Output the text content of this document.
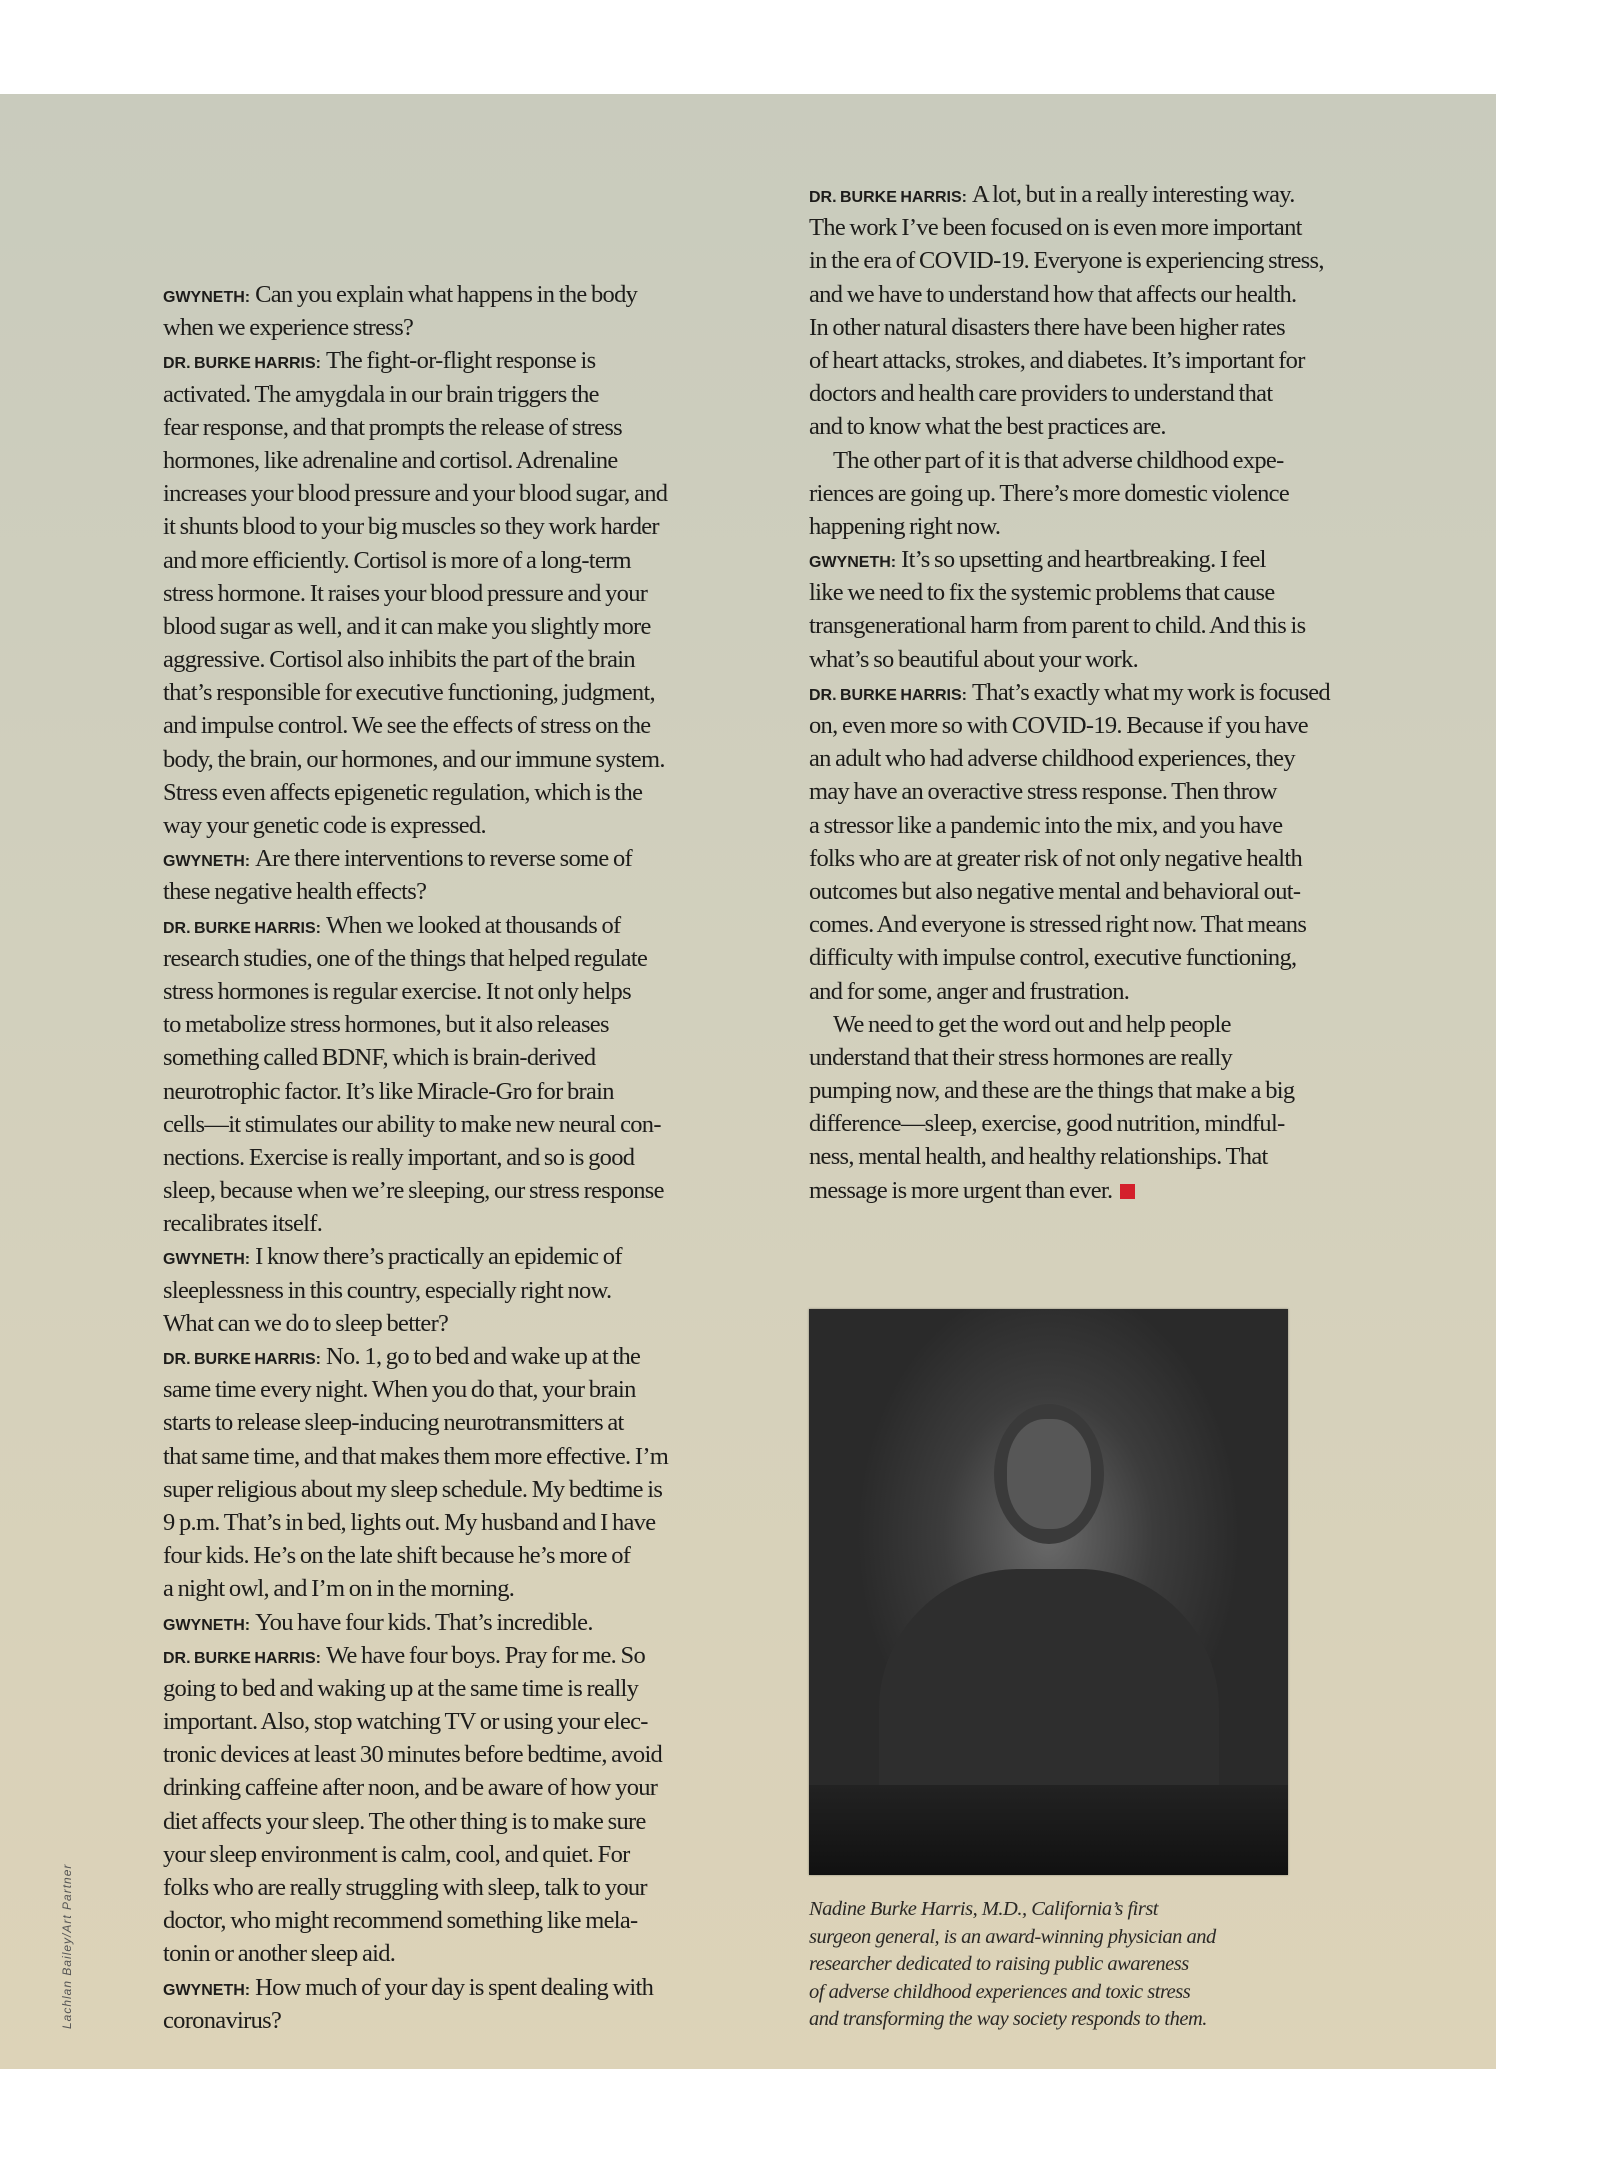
GWYNETH: Can you explain what happens in the body
when we experience stress?
DR. BURKE HARRIS: The fight-or-flight response is
activated. The amygdala in our brain triggers the
fear response, and that prompts the release of stress
hormones, like adrenaline and cortisol. Adrenaline
increases your blood pressure and your blood sugar, and
it shunts blood to your big muscles so they work harder
and more efficiently. Cortisol is more of a long-term
stress hormone. It raises your blood pressure and your
blood sugar as well, and it can make you slightly more
aggressive. Cortisol also inhibits the part of the brain
that’s responsible for executive functioning, judgment,
and impulse control. We see the effects of stress on the
body, the brain, our hormones, and our immune system.
Stress even affects epigenetic regulation, which is the
way your genetic code is expressed.
GWYNETH: Are there interventions to reverse some of
these negative health effects?
DR. BURKE HARRIS: When we looked at thousands of
research studies, one of the things that helped regulate
stress hormones is regular exercise. It not only helps
to metabolize stress hormones, but it also releases
something called BDNF, which is brain-derived
neurotrophic factor. It’s like Miracle-Gro for brain
cells—it stimulates our ability to make new neural con-
nections. Exercise is really important, and so is good
sleep, because when we’re sleeping, our stress response
recalibrates itself.
GWYNETH: I know there’s practically an epidemic of
sleeplessness in this country, especially right now.
What can we do to sleep better?
DR. BURKE HARRIS: No. 1, go to bed and wake up at the
same time every night. When you do that, your brain
starts to release sleep-inducing neurotransmitters at
that same time, and that makes them more effective. I’m
super religious about my sleep schedule. My bedtime is
9 p.m. That’s in bed, lights out. My husband and I have
four kids. He’s on the late shift because he’s more of
a night owl, and I’m on in the morning.
GWYNETH: You have four kids. That’s incredible.
DR. BURKE HARRIS: We have four boys. Pray for me. So
going to bed and waking up at the same time is really
important. Also, stop watching TV or using your elec-
tronic devices at least 30 minutes before bedtime, avoid
drinking caffeine after noon, and be aware of how your
diet affects your sleep. The other thing is to make sure
your sleep environment is calm, cool, and quiet. For
folks who are really struggling with sleep, talk to your
doctor, who might recommend something like mela-
tonin or another sleep aid.
GWYNETH: How much of your day is spent dealing with
coronavirus?
DR. BURKE HARRIS: A lot, but in a really interesting way.
The work I’ve been focused on is even more important
in the era of COVID-19. Everyone is experiencing stress,
and we have to understand how that affects our health.
In other natural disasters there have been higher rates
of heart attacks, strokes, and diabetes. It’s important for
doctors and health care providers to understand that
and to know what the best practices are.
The other part of it is that adverse childhood expe-
riences are going up. There’s more domestic violence
happening right now.
GWYNETH: It’s so upsetting and heartbreaking. I feel
like we need to fix the systemic problems that cause
transgenerational harm from parent to child. And this is
what’s so beautiful about your work.
DR. BURKE HARRIS: That’s exactly what my work is focused
on, even more so with COVID-19. Because if you have
an adult who had adverse childhood experiences, they
may have an overactive stress response. Then throw
a stressor like a pandemic into the mix, and you have
folks who are at greater risk of not only negative health
outcomes but also negative mental and behavioral out-
comes. And everyone is stressed right now. That means
difficulty with impulse control, executive functioning,
and for some, anger and frustration.
We need to get the word out and help people
understand that their stress hormones are really
pumping now, and these are the things that make a big
difference—sleep, exercise, good nutrition, mindful-
ness, mental health, and healthy relationships. That
message is more urgent than ever.
Nadine Burke Harris, M.D., California’s first
surgeon general, is an award-winning physician and
researcher dedicated to raising public awareness
of adverse childhood experiences and toxic stress
and transforming the way society responds to them.
Lachlan Bailey/Art Partner
